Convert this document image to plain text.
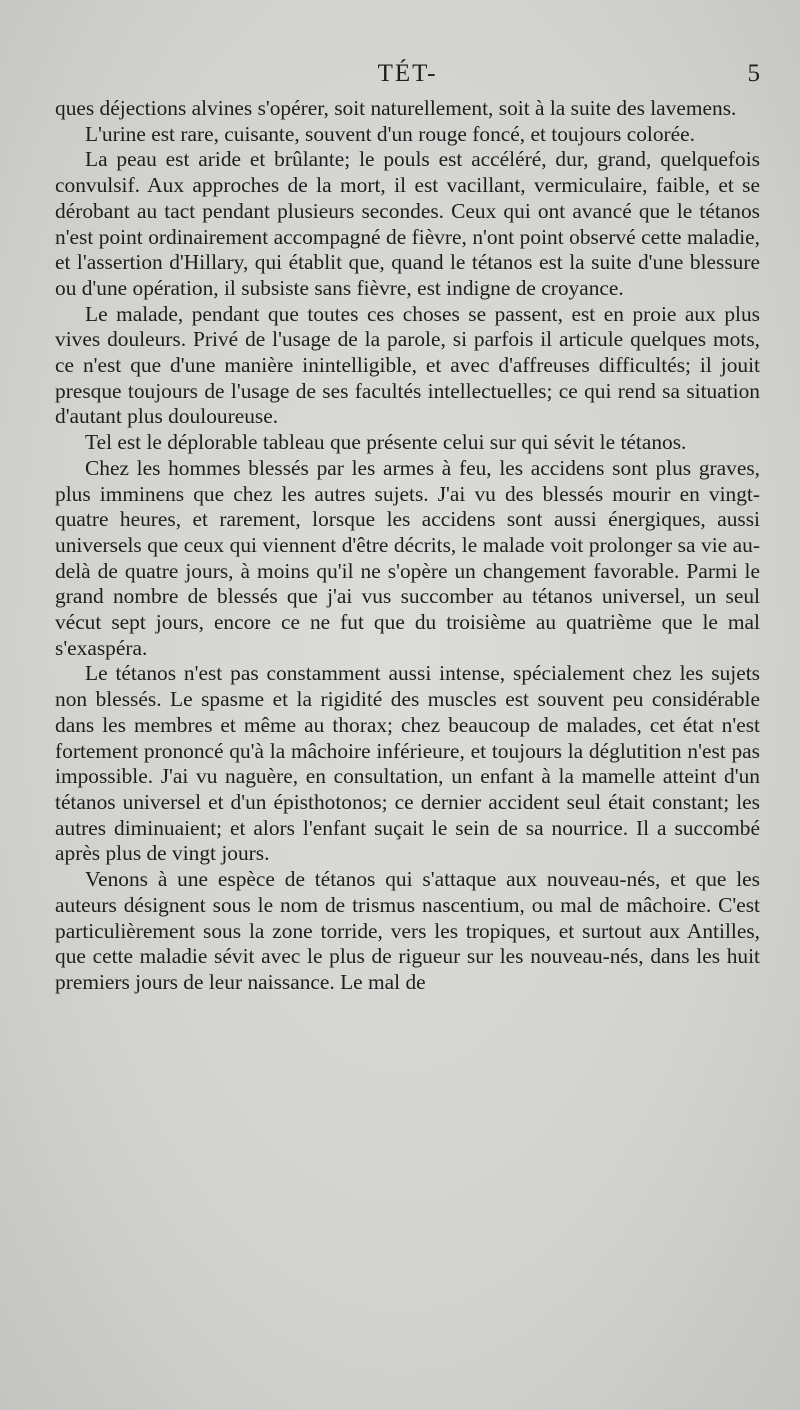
TÉT-	5

ques déjections alvines s'opérer, soit naturellement, soit à la suite des lavemens.

L'urine est rare, cuisante, souvent d'un rouge foncé, et toujours colorée.

La peau est aride et brûlante; le pouls est accéléré, dur, grand, quelquefois convulsif. Aux approches de la mort, il est vacillant, vermiculaire, faible, et se dérobant au tact pendant plusieurs secondes. Ceux qui ont avancé que le tétanos n'est point ordinairement accompagné de fièvre, n'ont point observé cette maladie, et l'assertion d'Hillary, qui établit que, quand le tétanos est la suite d'une blessure ou d'une opération, il subsiste sans fièvre, est indigne de croyance.

Le malade, pendant que toutes ces choses se passent, est en proie aux plus vives douleurs. Privé de l'usage de la parole, si parfois il articule quelques mots, ce n'est que d'une manière inintelligible, et avec d'affreuses difficultés; il jouit presque toujours de l'usage de ses facultés intellectuelles; ce qui rend sa situation d'autant plus douloureuse.

Tel est le déplorable tableau que présente celui sur qui sévit le tétanos.

Chez les hommes blessés par les armes à feu, les accidens sont plus graves, plus imminens que chez les autres sujets. J'ai vu des blessés mourir en vingt-quatre heures, et rarement, lorsque les accidens sont aussi énergiques, aussi universels que ceux qui viennent d'être décrits, le malade voit prolonger sa vie au-delà de quatre jours, à moins qu'il ne s'opère un changement favorable. Parmi le grand nombre de blessés que j'ai vus succomber au tétanos universel, un seul vécut sept jours, encore ce ne fut que du troisième au quatrième que le mal s'exaspéra.

Le tétanos n'est pas constamment aussi intense, spécialement chez les sujets non blessés. Le spasme et la rigidité des muscles est souvent peu considérable dans les membres et même au thorax; chez beaucoup de malades, cet état n'est fortement prononcé qu'à la mâchoire inférieure, et toujours la déglutition n'est pas impossible. J'ai vu naguère, en consultation, un enfant à la mamelle atteint d'un tétanos universel et d'un épisthotonos; ce dernier accident seul était constant; les autres diminuaient; et alors l'enfant suçait le sein de sa nourrice. Il a succombé après plus de vingt jours.

Venons à une espèce de tétanos qui s'attaque aux nouveau-nés, et que les auteurs désignent sous le nom de trismus nascentium, ou mal de mâchoire. C'est particulièrement sous la zone torride, vers les tropiques, et surtout aux Antilles, que cette maladie sévit avec le plus de rigueur sur les nouveau-nés, dans les huit premiers jours de leur naissance. Le mal de
